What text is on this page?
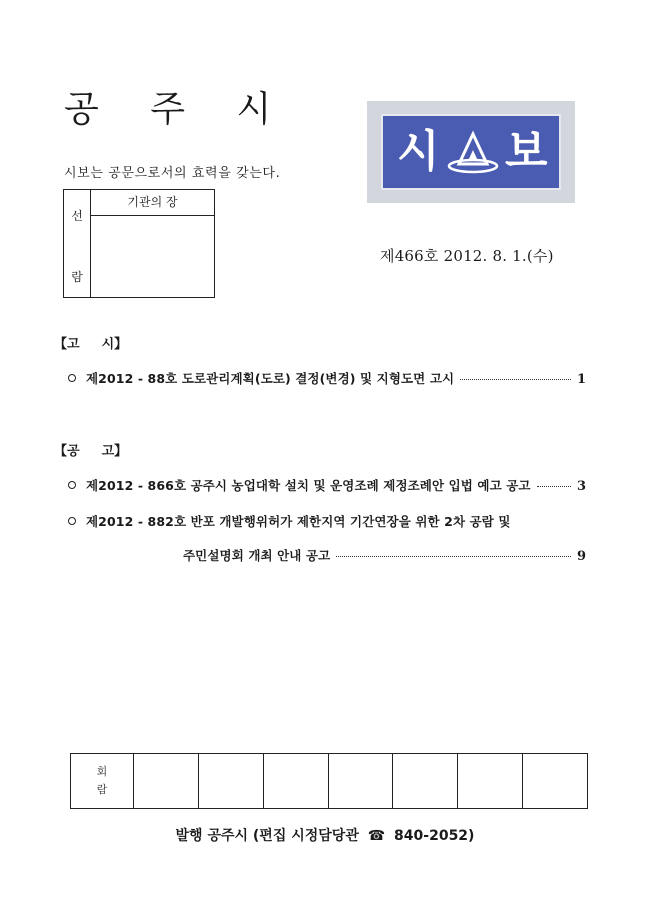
공 주 시
시보는 공문으로서의 효력을 갖는다.
선
람
기관의 장
시 보
제466호 2012. 8. 1.(수)
【고 시】
제2012 - 88호 도로관리계획(도로) 결정(변경) 및 지형도면 고시	1
【공 고】
제2012 - 866호 공주시 농업대학 설치 및 운영조례 제정조례안 입법 예고 공고	3
제2012 - 882호 반포 개발행위허가 제한지역 기간연장을 위한 2차 공람 및
주민설명회 개최 안내 공고	9
회
람

발행 공주시 (편집 시정담당관 ☎ 840-2052)
